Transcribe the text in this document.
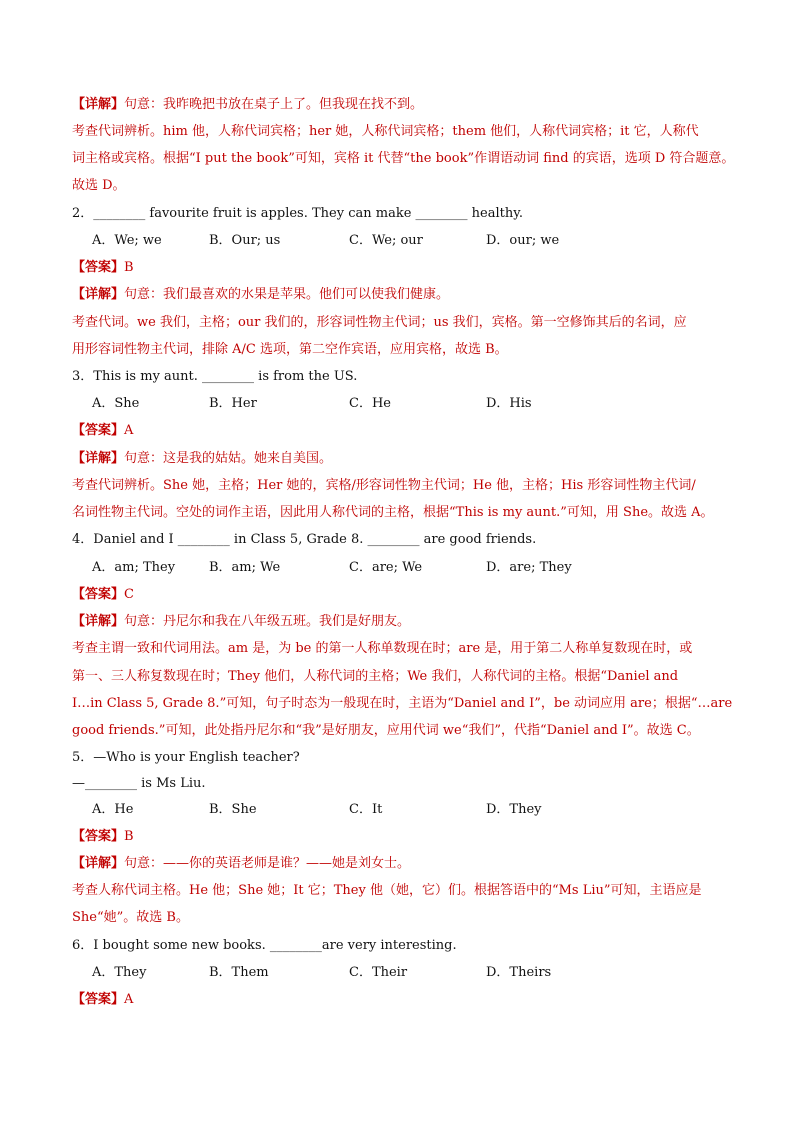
【详解】句意：我昨晚把书放在桌子上了。但我现在找不到。
考查代词辨析。him 他，人称代词宾格；her 她，人称代词宾格；them 他们，人称代词宾格；it 它，人称代
词主格或宾格。根据“I put the book”可知，宾格 it 代替“the book”作谓语动词 find 的宾语，选项 D 符合题意。
故选 D。
2．________ favourite fruit is apples. They can make ________ healthy.
A．We; we	B．Our; us	C．We; our	D．our; we
【答案】B
【详解】句意：我们最喜欢的水果是苹果。他们可以使我们健康。
考查代词。we 我们，主格；our 我们的，形容词性物主代词；us 我们，宾格。第一空修饰其后的名词，应
用形容词性物主代词，排除 A/C 选项，第二空作宾语，应用宾格，故选 B。
3．This is my aunt. ________ is from the US.
A．She	B．Her	C．He	D．His
【答案】A
【详解】句意：这是我的姑姑。她来自美国。
考查代词辨析。She 她，主格；Her 她的，宾格/形容词性物主代词；He 他，主格；His 形容词性物主代词/
名词性物主代词。空处的词作主语，因此用人称代词的主格，根据“This is my aunt.”可知，用 She。故选 A。
4．Daniel and I ________ in Class 5, Grade 8. ________ are good friends.
A．am; They	B．am; We	C．are; We	D．are; They
【答案】C
【详解】句意：丹尼尔和我在八年级五班。我们是好朋友。
考查主谓一致和代词用法。am 是，为 be 的第一人称单数现在时；are 是，用于第二人称单复数现在时，或
第一、三人称复数现在时；They 他们，人称代词的主格；We 我们，人称代词的主格。根据“Daniel and
I…in Class 5, Grade 8.”可知，句子时态为一般现在时，主语为“Daniel and I”，be 动词应用 are；根据“…are
good friends.”可知，此处指丹尼尔和“我”是好朋友，应用代词 we“我们”，代指“Daniel and I”。故选 C。
5．—Who is your English teacher?
—________ is Ms Liu.
A．He	B．She	C．It	D．They
【答案】B
【详解】句意：——你的英语老师是谁？——她是刘女士。
考查人称代词主格。He 他；She 她；It 它；They 他（她，它）们。根据答语中的“Ms Liu”可知，主语应是
She“她”。故选 B。
6．I bought some new books. ________are very interesting.
A．They	B．Them	C．Their	D．Theirs
【答案】A
